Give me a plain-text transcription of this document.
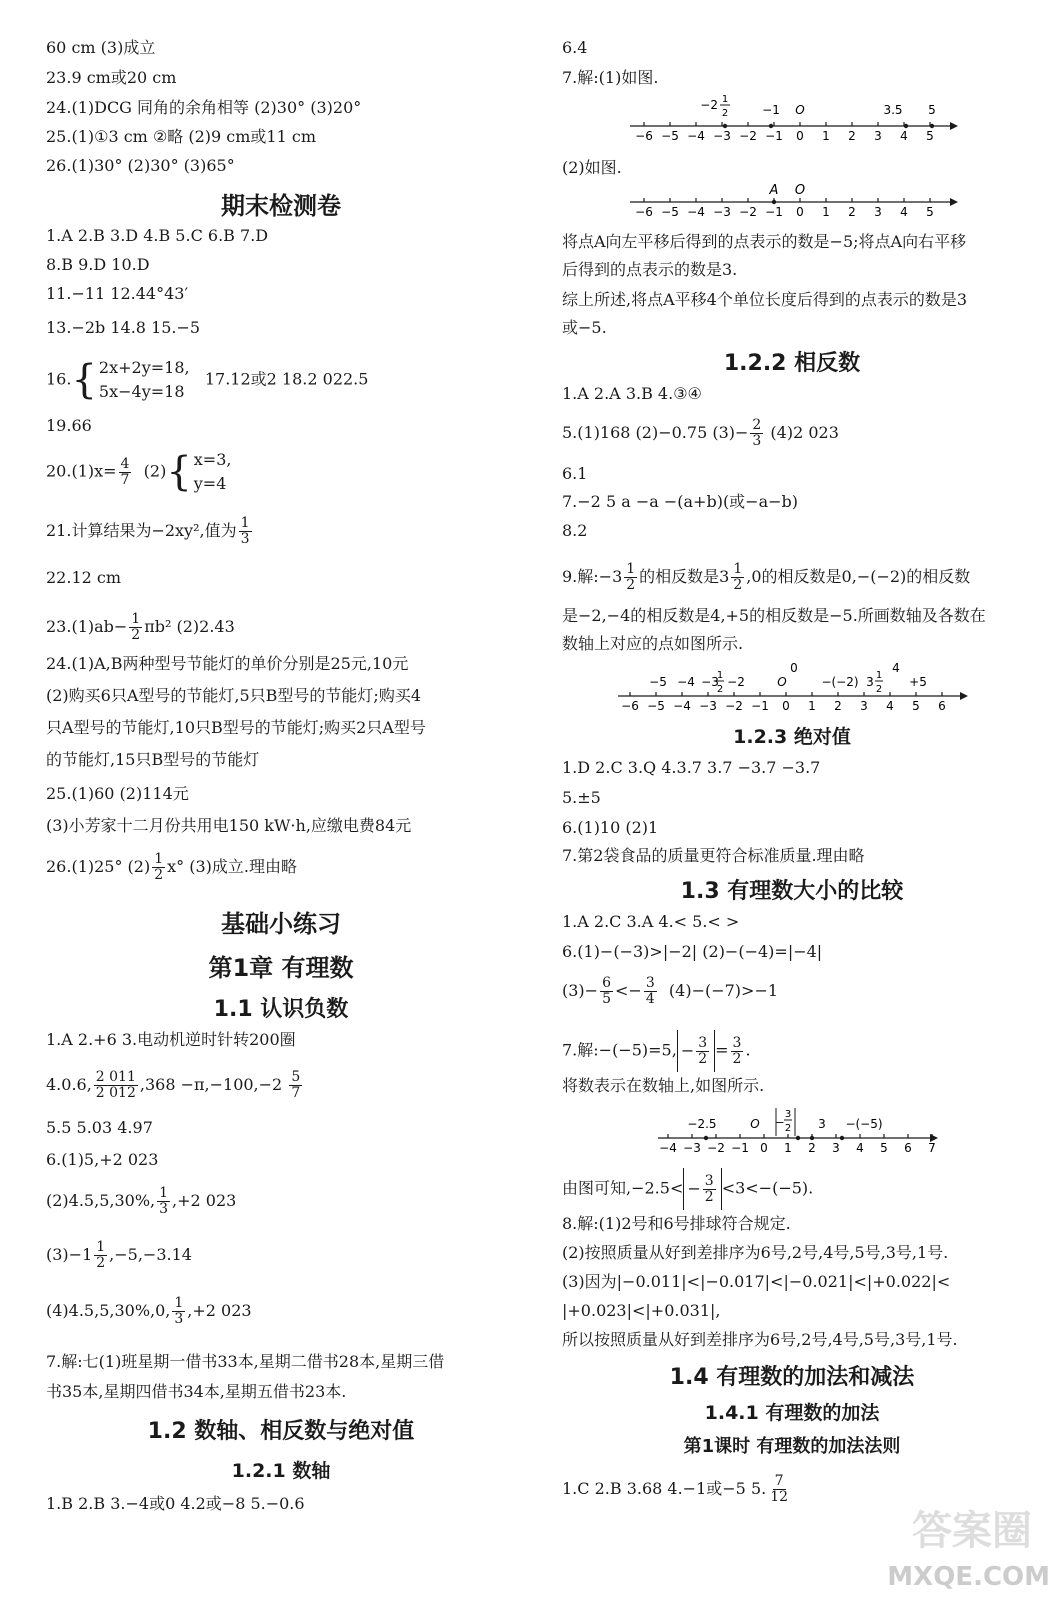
60 cm (3)成立
23.9 cm或20 cm
24.(1)DCG 同角的余角相等 (2)30° (3)20°
25.(1)①3 cm ②略 (2)9 cm或11 cm
26.(1)30° (2)30° (3)65°
期末检测卷
1.A 2.B 3.D 4.B 5.C 6.B 7.D
8.B 9.D 10.D
11.−11 12.44°43′
13.−2b 14.8 15.−5
16. { 2x+2y=18,
5x−4y=18
17.12或2 18.2 022.5
19.66
$20.(1)x= \frac{4}{7} (2)$ { x=3,
y=4
21.计算结果为−2xy²,值为 $\frac{1}{3}$
22.12 cm
$23.(1)ab- \frac{1}{2} \pi b^2$ (2)2.43
24.(1)A,B两种型号节能灯的单价分别是25元,10元
(2)购买6只A型号的节能灯,5只B型号的节能灯;购买4
只A型号的节能灯,10只B型号的节能灯;购买2只A型号
的节能灯,15只B型号的节能灯
25.(1)60 (2)114元
(3)小芳家十二月份共用电150 kW·h,应缴电费84元
26.(1)25° $(2) \frac{1}{2} x^\circ$ (3)成立.理由略
基础小练习
第1章 有理数
1.1 认识负数
1.A 2.+6 3.电动机逆时针转200圈
4.0.6, $\frac{2 011}{2 012} ,368 -\pi,-100,-2 \frac{5}{7}$
5.5 5.03 4.97
6.(1)5,+2 023
(2)4.5,5,30%, $\frac{1}{3} ,+2$ 023
$(3)-1 \frac{1}{2} ,-5,-3.14$
(4)4.5,5,30%,0, $\frac{1}{3} ,+2$ 023
7.解:七(1)班星期一借书33本,星期二借书28本,星期三借
书35本,星期四借书34本,星期五借书23本.
1.2 数轴、相反数与绝对值
1.2.1 数轴
1.B 2.B 3.−4或0 4.2或−8 5.−0.6
6.4
7.解:(1)如图.
−2 1
2	−1 O	3.5 5
−6 −5 −4 −3 −2 −1 0 1 2 3 4 5
(2)如图.
A O
−6 −5 −4 −3 −2 −1 0 1 2 3 4 5
将点A向左平移后得到的点表示的数是−5;将点A向右平移
后得到的点表示的数是3.
综上所述,将点A平移4个单位长度后得到的点表示的数是3
或−5.
1.2.2 相反数
1.A 2.A 3.B 4.③④
5.(1)168 (2)−0.75 $(3)- \frac{2}{3} (4)2$ 023
6.1
7.−2 5 a −a −(a+b)(或−a−b)
8.2
9.解:−3 $\frac{1}{2}$ 的相反数是$3 \frac{1}{2} ,0$的相反数是0,−(−2)的相反数
是−2,−4的相反数是4,+5的相反数是−5.所画数轴及各数在
数轴上对应的点如图所示.
−5 −4 −3
1
2
−2	O
0
−(−2) 3 1
2
4
+5
−6 −5 −4 −3 −2 −1 0 1 2 3 4 5 6
1.2.3 绝对值
1.D 2.C 3.Q 4.3.7 3.7 −3.7 −3.7
5.±5
6.(1)10 (2)1
7.第2袋食品的质量更符合标准质量.理由略
1.3 有理数大小的比较
1.A 2.C 3.A 4.< 5.< >
6.(1)−(−3)>|−2| (2)−(−4)=|−4|
$(3)- \frac{6}{5} <- \frac{3}{4} (4)-(-7)>-1$
7.解:−(−5)=5, − $\frac{3}{2} = \frac{3}{2}$ .
将数表示在数轴上,如图所示.
−2.5	O −
3
2 3 −(−5)
−4 −3 −2 −1 0 1 2 3 4 5 6 7
由图可知$,-2.5< - \frac{3}{2} <3<-(-5)$.
8.解:(1)2号和6号排球符合规定.
(2)按照质量从好到差排序为6号,2号,4号,5号,3号,1号.
(3)因为|−0.011|<|−0.017|<|−0.021|<|+0.022|<
|+0.023|<|+0.031|,
所以按照质量从好到差排序为6号,2号,4号,5号,3号,1号.
1.4 有理数的加法和减法
1.4.1 有理数的加法
第1课时 有理数的加法法则
1.C 2.B 3.68 4.−1或−5 5. $\frac{7}{12}$
答案圈
MXQE.COM
